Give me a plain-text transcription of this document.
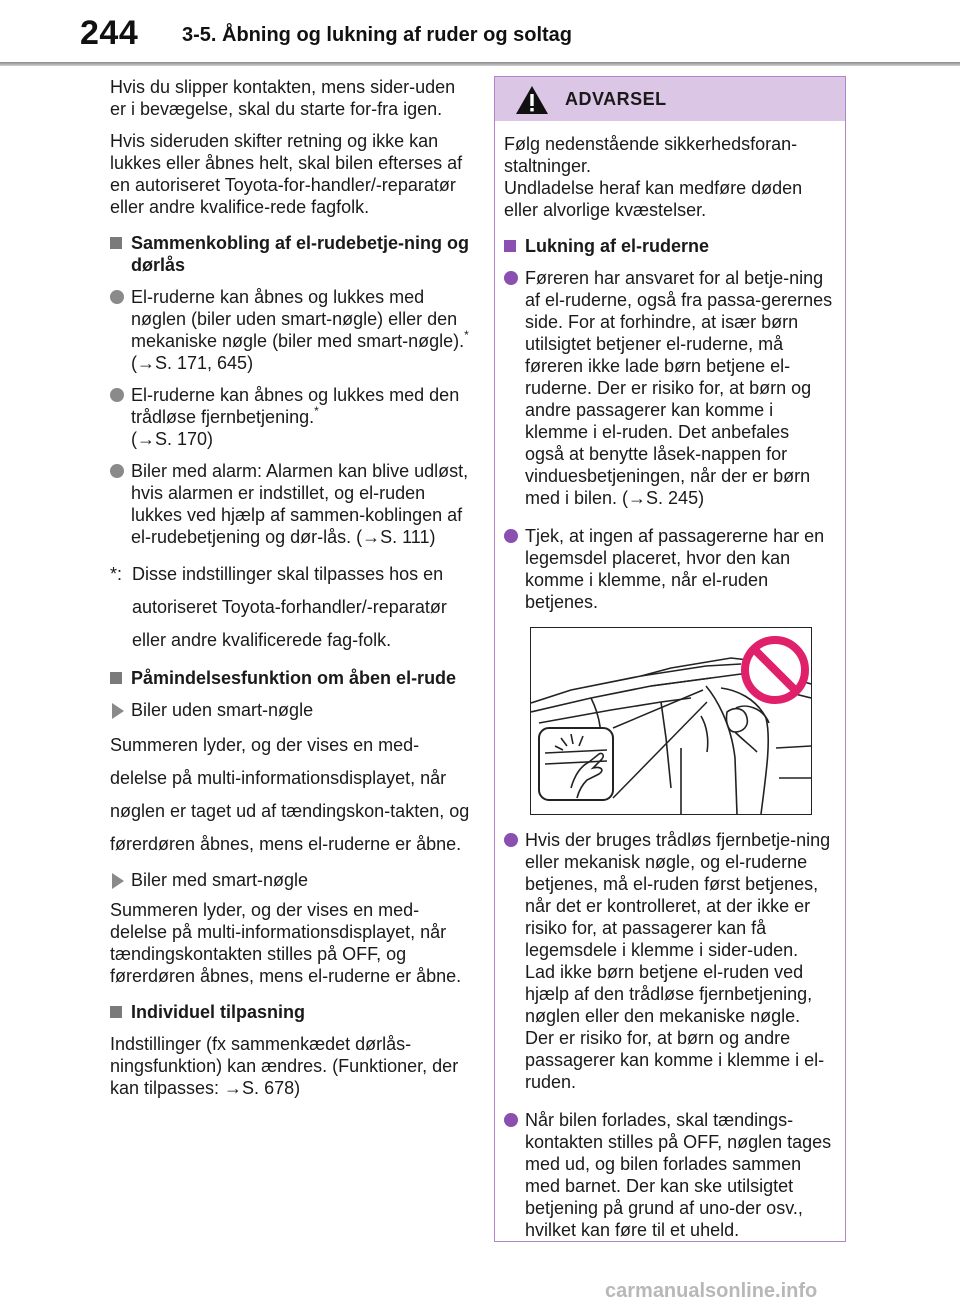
244 3-5. Åbning og lukning af ruder og soltag

Hvis du slipper kontakten, mens sider-uden er i bevægelse, skal du starte for-fra igen.

Hvis sideruden skifter retning og ikke kan lukkes eller åbnes helt, skal bilen efterses af en autoriseret Toyota-for-handler/-reparatør eller andre kvalifice-rede fagfolk.

Sammenkobling af el-rudebetje-ning og dørlås
El-ruderne kan åbnes og lukkes med nøglen (biler uden smart-nøgle) eller den mekaniske nøgle (biler med smart-nøgle).* (→S. 171, 645)
El-ruderne kan åbnes og lukkes med den trådløse fjernbetjening.*
(→S. 170)
Biler med alarm: Alarmen kan blive udløst, hvis alarmen er indstillet, og el-ruden lukkes ved hjælp af sammen-koblingen af el-rudebetjening og dør-lås. (→S. 111)
*: Disse indstillinger skal tilpasses hos en autoriseret Toyota-forhandler/-reparatør eller andre kvalificerede fag-folk.
Påmindelsesfunktion om åben el-rude
Biler uden smart-nøgle

Summeren lyder, og der vises en med-delelse på multi-informationsdisplayet, når nøglen er taget ud af tændingskon-takten, og førerdøren åbnes, mens el-ruderne er åbne.

Biler med smart-nøgle

Summeren lyder, og der vises en med-delelse på multi-informationsdisplayet, når tændingskontakten stilles på OFF, og førerdøren åbnes, mens el-ruderne er åbne.

Individuel tilpasning

Indstillinger (fx sammenkædet dørlås-ningsfunktion) kan ændres. (Funktioner, der kan tilpasses: →S. 678)

ADVARSEL

Følg nedenstående sikkerhedsforan-staltninger.

Undladelse heraf kan medføre døden eller alvorlige kvæstelser.

Lukning af el-ruderne
Føreren har ansvaret for al betje-ning af el-ruderne, også fra passa-gerernes side. For at forhindre, at især børn utilsigtet betjener el-ruderne, må føreren ikke lade børn betjene el-ruderne. Der er risiko for, at børn og andre passagerer kan komme i klemme i el-ruden. Det anbefales også at benytte låsek-nappen for vinduesbetjeningen, når der er børn med i bilen. (→S. 245)
Tjek, at ingen af passagererne har en legemsdel placeret, hvor den kan komme i klemme, når el-ruden betjenes.
Hvis der bruges trådløs fjernbetje-ning eller mekanisk nøgle, og el-ruderne betjenes, må el-ruden først betjenes, når det er kontrolleret, at der ikke er risiko for, at passagerer kan få legemsdele i klemme i sider-uden. Lad ikke børn betjene el-ruden ved hjælp af den trådløse fjernbetjening, nøglen eller den mekaniske nøgle. Der er risiko for, at børn og andre passagerer kan komme i klemme i el-ruden.
Når bilen forlades, skal tændings-kontakten stilles på OFF, nøglen tages med ud, og bilen forlades sammen med barnet. Der kan ske utilsigtet betjening på grund af uno-der osv., hvilket kan føre til et uheld.
carmanualsonline.info
